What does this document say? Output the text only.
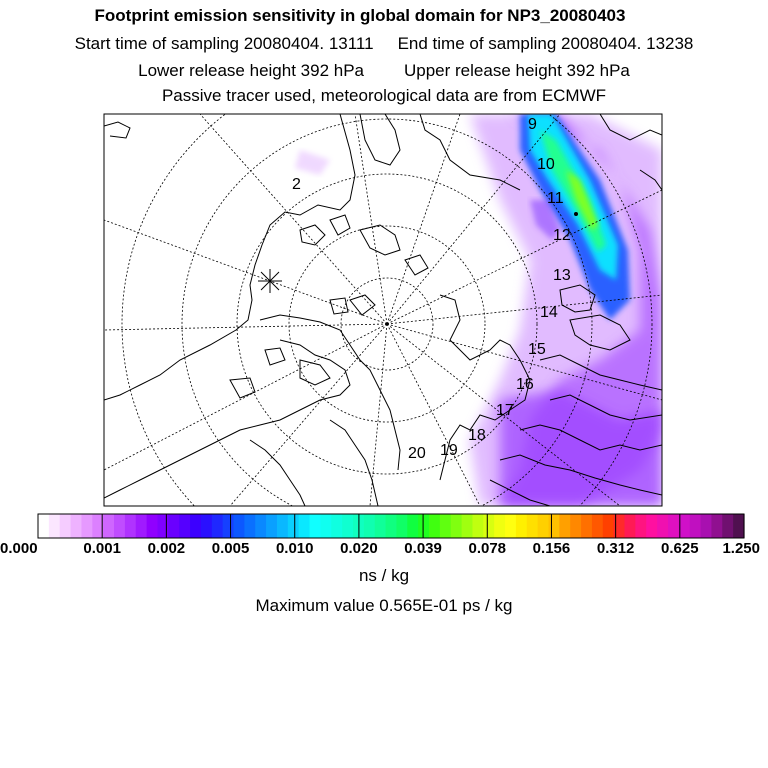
Footprint emission sensitivity in global domain for NP3_20080403
Start time of sampling 20080404. 13111 End time of sampling 20080404. 13238
Lower release height 392 hPa Upper release height 392 hPa
Passive tracer used, meteorological data are from ECMWF
9
10
11
12
13
14
15
16
17
18
19
20
2
0.000	0.001 0.002 0.005 0.010 0.020 0.039 0.078 0.156 0.312 0.625 1.250
ns / kg
Maximum value 0.565E-01 ps / kg
